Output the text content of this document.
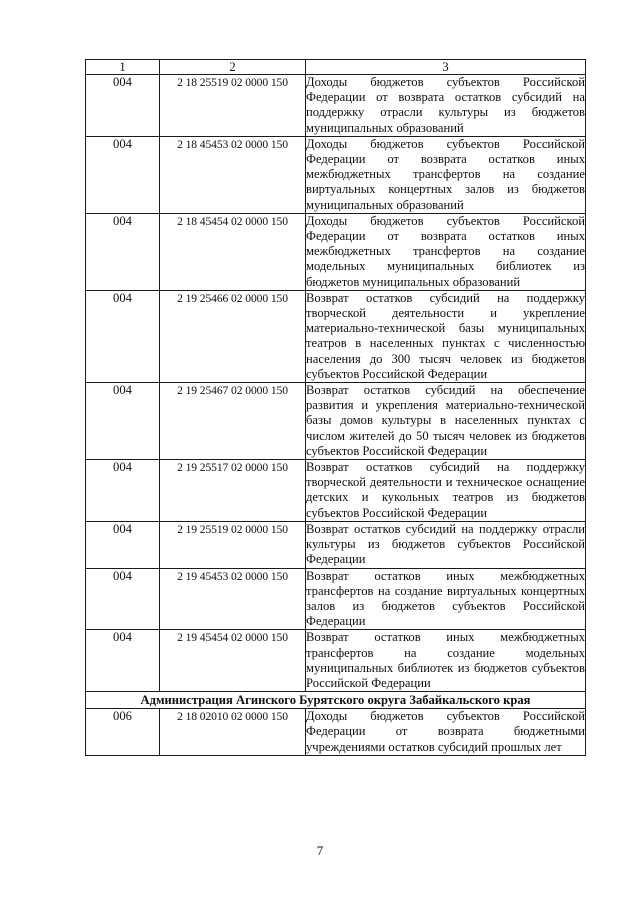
1	2	3
004	2 18 25519 02 0000 150	Доходы бюджетов субъектов Российской Федерации от возврата остатков субсидий на поддержку отрасли культуры из бюджетов муниципальных образований
004	2 18 45453 02 0000 150	Доходы бюджетов субъектов Российской Федерации от возврата остатков иных межбюджетных трансфертов на создание виртуальных концертных залов из бюджетов муниципальных образований
004	2 18 45454 02 0000 150	Доходы бюджетов субъектов Российской Федерации от возврата остатков иных межбюджетных трансфертов на создание модельных муниципальных библиотек из бюджетов муниципальных образований
004	2 19 25466 02 0000 150	Возврат остатков субсидий на поддержку творческой деятельности и укрепление материально-технической базы муниципальных театров в населенных пунктах с численностью населения до 300 тысяч человек из бюджетов субъектов Российской Федерации
004	2 19 25467 02 0000 150	Возврат остатков субсидий на обеспечение развития и укрепления материально-технической базы домов культуры в населенных пунктах с числом жителей до 50 тысяч человек из бюджетов субъектов Российской Федерации
004	2 19 25517 02 0000 150	Возврат остатков субсидий на поддержку творческой деятельности и техническое оснащение детских и кукольных театров из бюджетов субъектов Российской Федерации
004	2 19 25519 02 0000 150	Возврат остатков субсидий на поддержку отрасли культуры из бюджетов субъектов Российской Федерации
004	2 19 45453 02 0000 150	Возврат остатков иных межбюджетных трансфертов на создание виртуальных концертных залов из бюджетов субъектов Российской Федерации
004	2 19 45454 02 0000 150	Возврат остатков иных межбюджетных трансфертов на создание модельных муниципальных библиотек из бюджетов субъектов Российской Федерации
Администрация Агинского Бурятского округа Забайкальского края		
006	2 18 02010 02 0000 150	Доходы бюджетов субъектов Российской Федерации от возврата бюджетными учреждениями остатков субсидий прошлых лет
7
